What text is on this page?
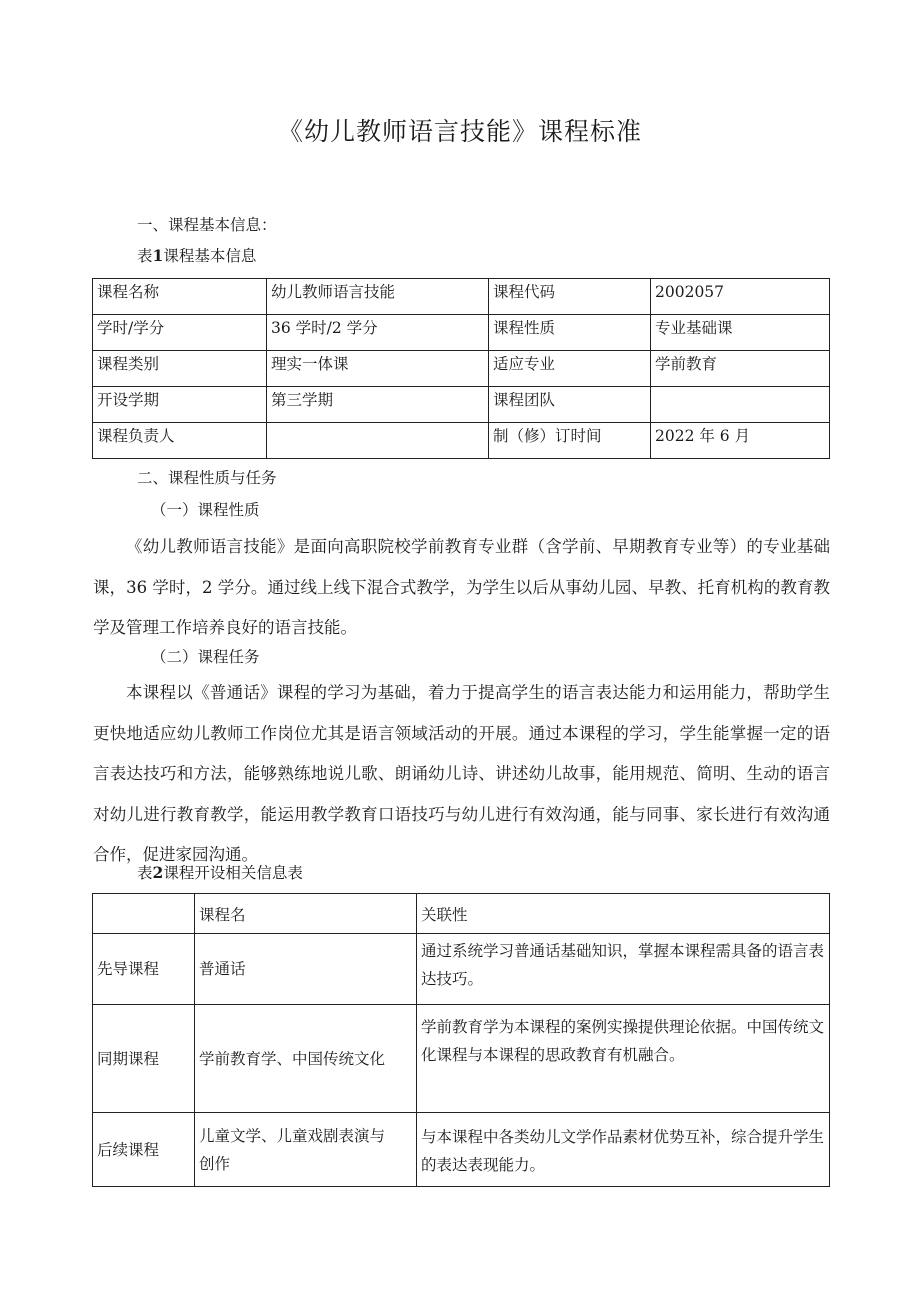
《幼儿教师语言技能》课程标准
一、课程基本信息：
表1课程基本信息
课程名称	幼儿教师语言技能	课程代码	2002057
学时/学分	36 学时/2 学分	课程性质	专业基础课
课程类别	理实一体课	适应专业	学前教育
开设学期	第三学期	课程团队	
课程负责人		制（修）订时间	2022 年 6 月
二、课程性质与任务
（一）课程性质
《幼儿教师语言技能》是面向高职院校学前教育专业群（含学前、早期教育专业等）的专业基础课，36 学时，2 学分。通过线上线下混合式教学，为学生以后从事幼儿园、早教、托育机构的教育教学及管理工作培养良好的语言技能。
（二）课程任务
本课程以《普通话》课程的学习为基础，着力于提高学生的语言表达能力和运用能力，帮助学生更快地适应幼儿教师工作岗位尤其是语言领域活动的开展。通过本课程的学习，学生能掌握一定的语言表达技巧和方法，能够熟练地说儿歌、朗诵幼儿诗、讲述幼儿故事，能用规范、简明、生动的语言对幼儿进行教育教学，能运用教学教育口语技巧与幼儿进行有效沟通，能与同事、家长进行有效沟通合作，促进家园沟通。
表2课程开设相关信息表
	课程名	关联性
先导课程	普通话	通过系统学习普通话基础知识，掌握本课程需具备的语言表达技巧。
同期课程	学前教育学、中国传统文化	学前教育学为本课程的案例实操提供理论依据。中国传统文化课程与本课程的思政教育有机融合。
后续课程	儿童文学、儿童戏剧表演与创作	与本课程中各类幼儿文学作品素材优势互补，综合提升学生的表达表现能力。
